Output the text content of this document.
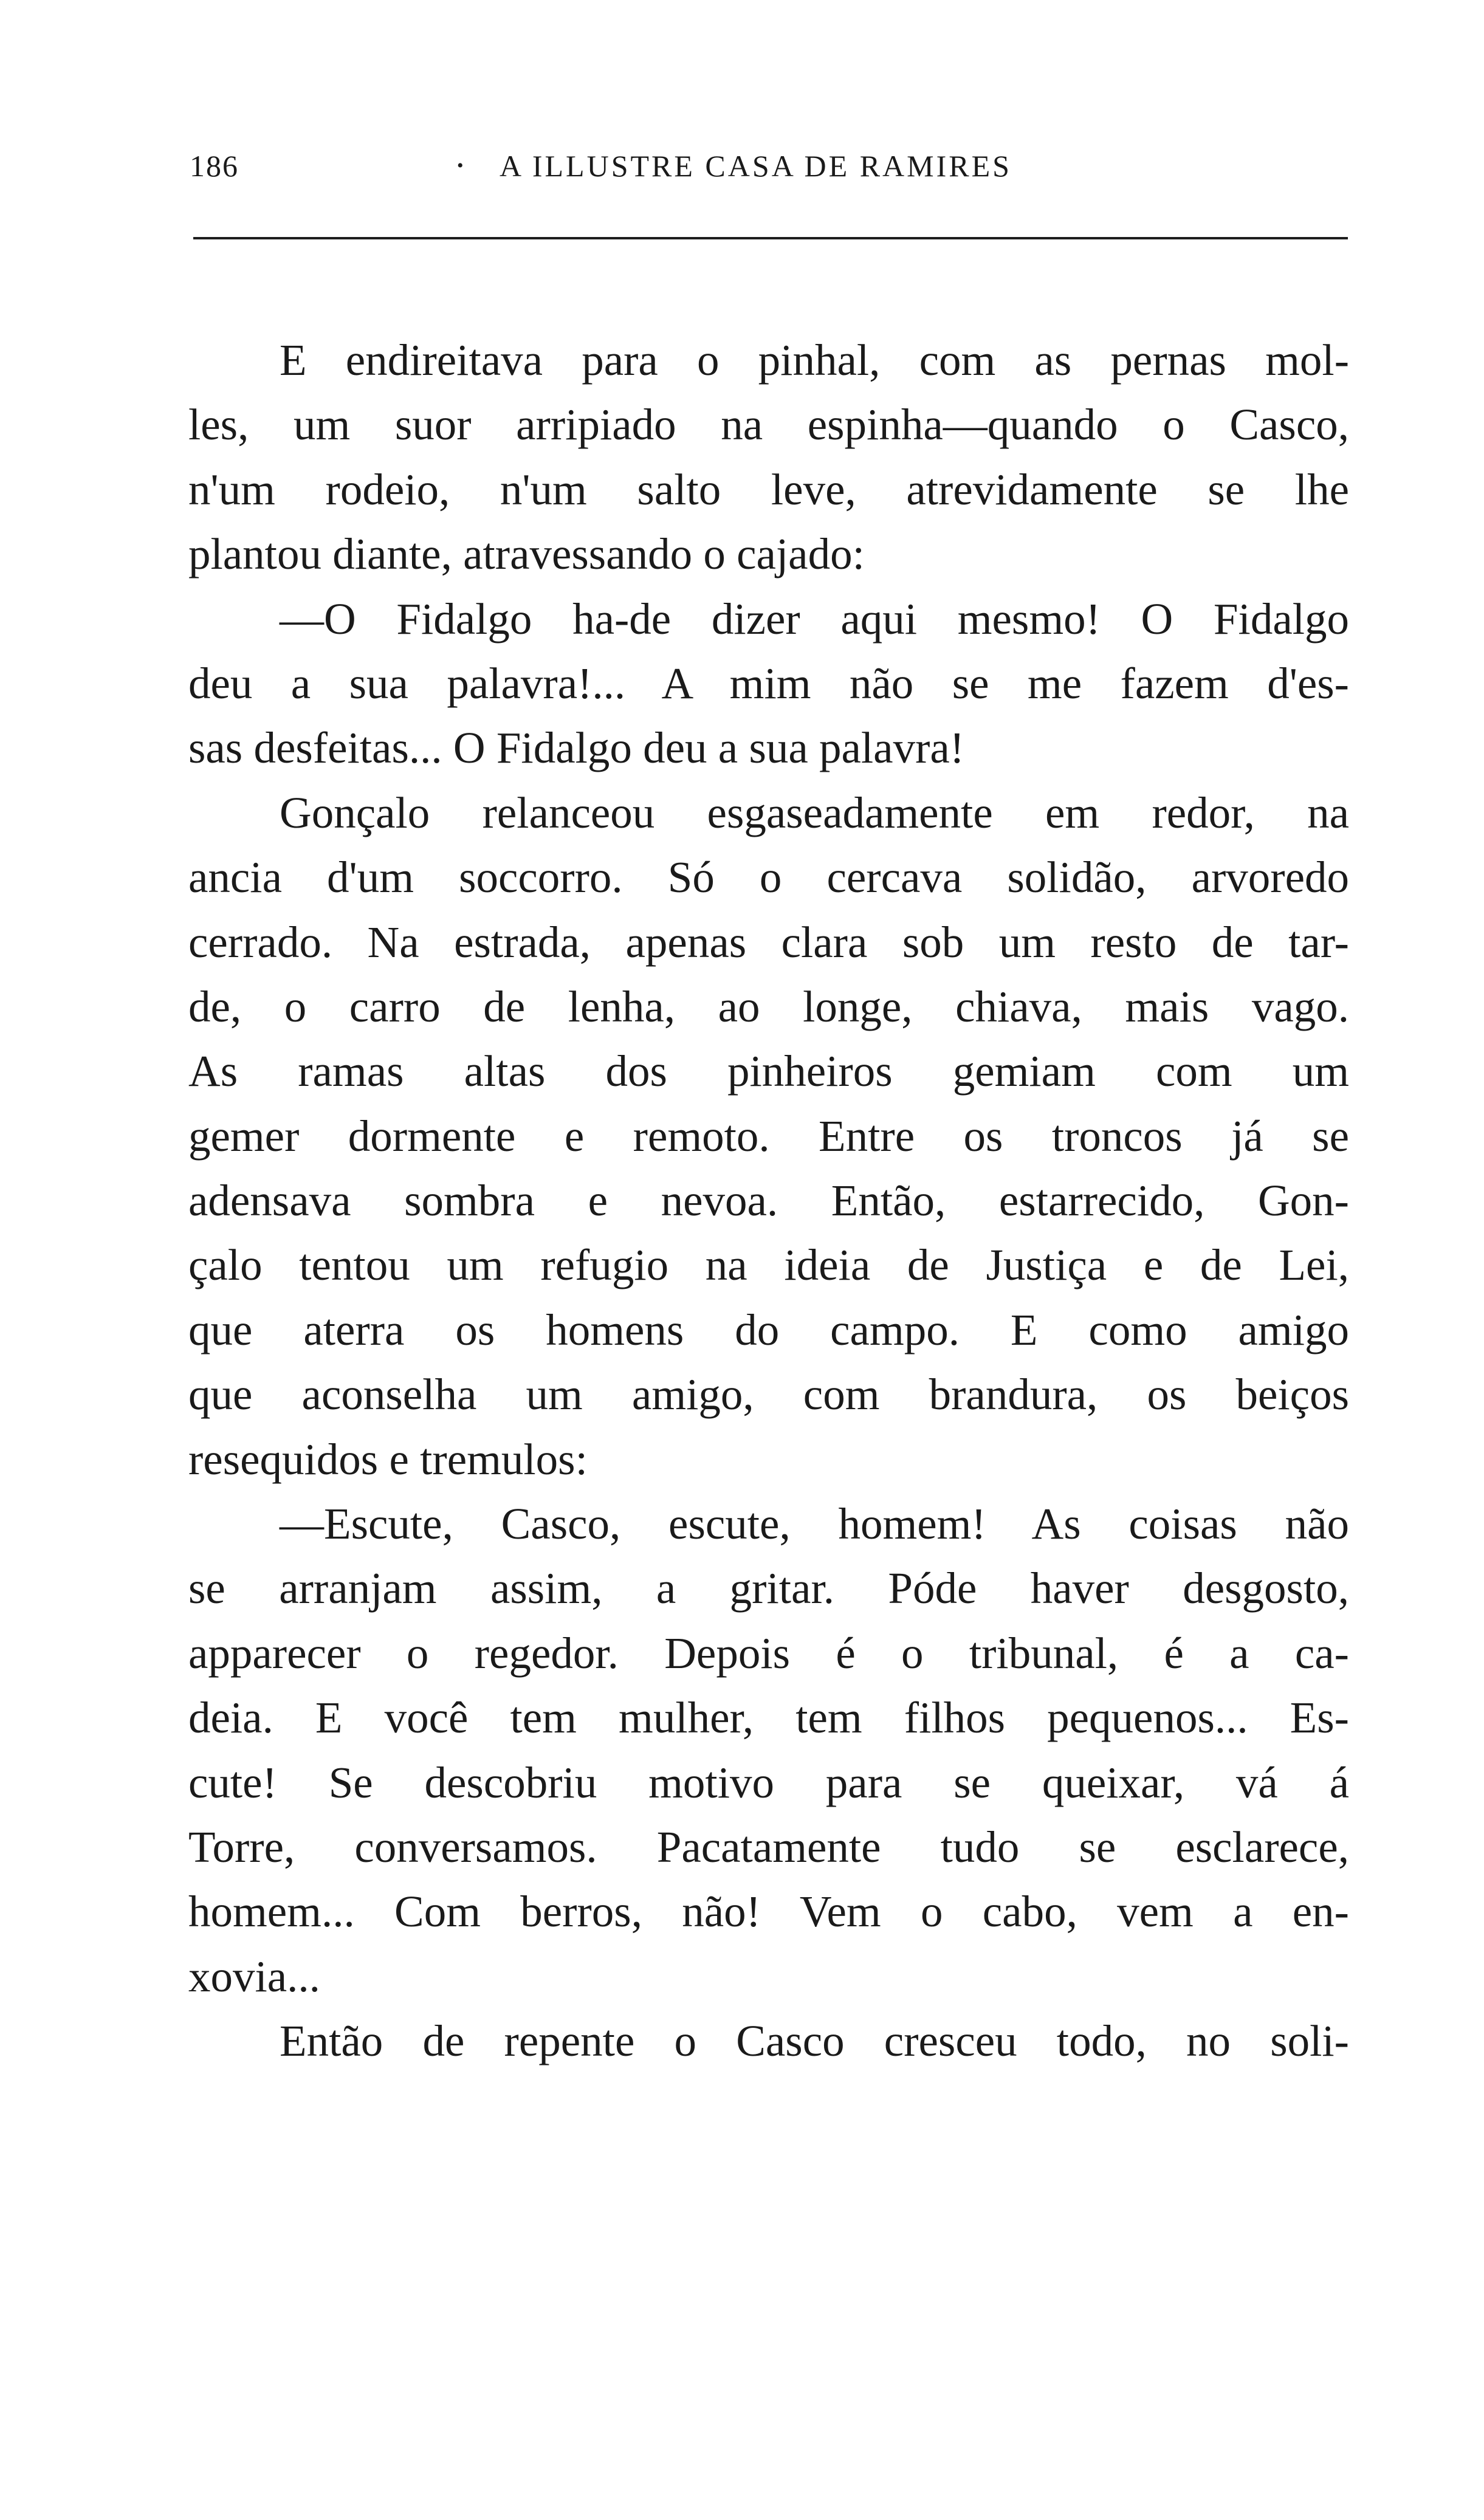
186	• A ILLUSTRE CASA DE RAMIRES
E endireitava para o pinhal, com as pernas mol-
les, um suor arripiado na espinha—quando o Casco,
n'um rodeio, n'um salto leve, atrevidamente se lhe
plantou diante, atravessando o cajado:
—O Fidalgo ha-de dizer aqui mesmo! O Fidalgo
deu a sua palavra!... A mim não se me fazem d'es-
sas desfeitas... O Fidalgo deu a sua palavra!
Gonçalo relanceou esgaseadamente em redor, na
ancia d'um soccorro. Só o cercava solidão, arvoredo
cerrado. Na estrada, apenas clara sob um resto de tar-
de, o carro de lenha, ao longe, chiava, mais vago.
As ramas altas dos pinheiros gemiam com um
gemer dormente e remoto. Entre os troncos já se
adensava sombra e nevoa. Então, estarrecido, Gon-
çalo tentou um refugio na ideia de Justiça e de Lei,
que aterra os homens do campo. E como amigo
que aconselha um amigo, com brandura, os beiços
resequidos e tremulos:
—Escute, Casco, escute, homem! As coisas não
se arranjam assim, a gritar. Póde haver desgosto,
apparecer o regedor. Depois é o tribunal, é a ca-
deia. E você tem mulher, tem filhos pequenos... Es-
cute! Se descobriu motivo para se queixar, vá á
Torre, conversamos. Pacatamente tudo se esclarece,
homem... Com berros, não! Vem o cabo, vem a en-
xovia...
Então de repente o Casco cresceu todo, no soli-
